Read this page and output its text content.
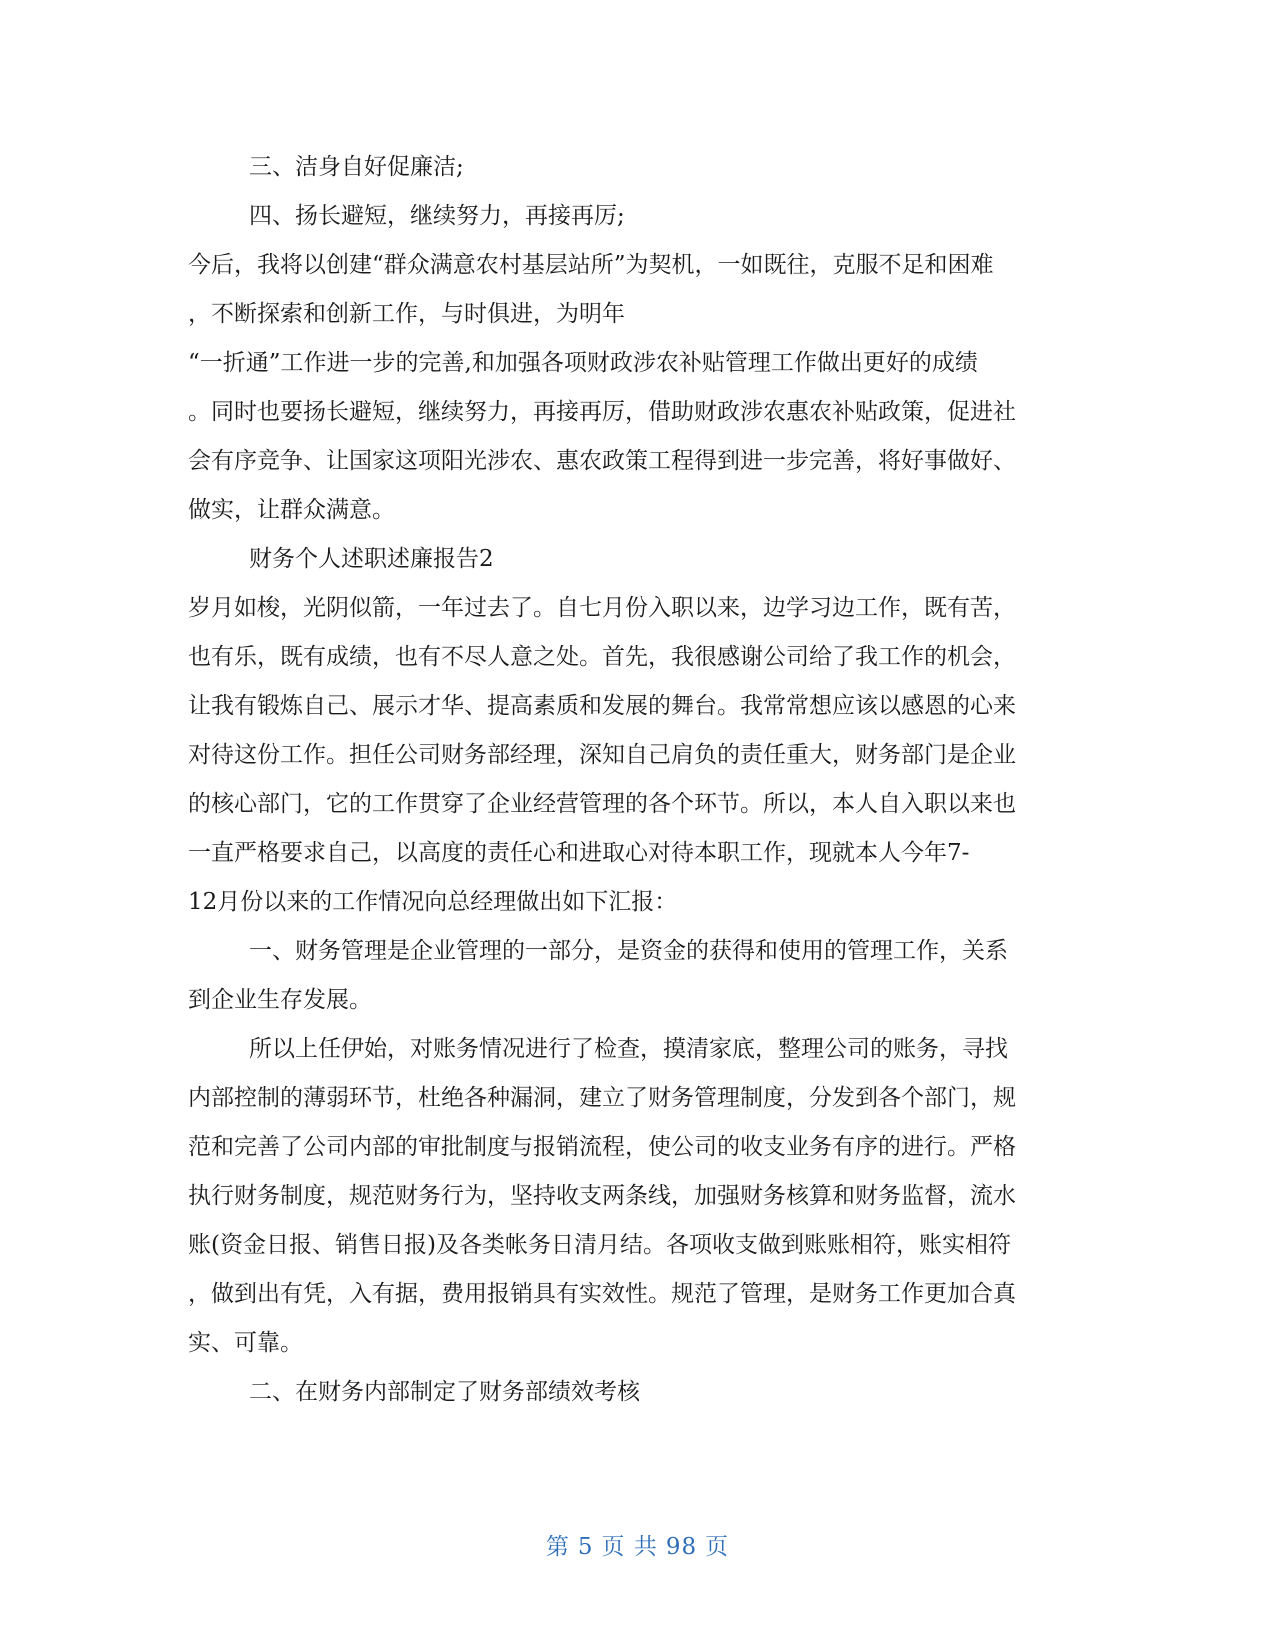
三、洁身自好促廉洁;
四、扬长避短，继续努力，再接再厉;
今后，我将以创建“群众满意农村基层站所”为契机，一如既往，克服不足和困难
，不断探索和创新工作，与时俱进，为明年
“一折通”工作进一步的完善,和加强各项财政涉农补贴管理工作做出更好的成绩
。同时也要扬长避短，继续努力，再接再厉，借助财政涉农惠农补贴政策，促进社
会有序竞争、让国家这项阳光涉农、惠农政策工程得到进一步完善，将好事做好、
做实，让群众满意。
财务个人述职述廉报告2
岁月如梭，光阴似箭，一年过去了。自七月份入职以来，边学习边工作，既有苦，
也有乐，既有成绩，也有不尽人意之处。首先，我很感谢公司给了我工作的机会，
让我有锻炼自己、展示才华、提高素质和发展的舞台。我常常想应该以感恩的心来
对待这份工作。担任公司财务部经理，深知自己肩负的责任重大，财务部门是企业
的核心部门，它的工作贯穿了企业经营管理的各个环节。所以，本人自入职以来也
一直严格要求自己，以高度的责任心和进取心对待本职工作，现就本人今年7-
12月份以来的工作情况向总经理做出如下汇报：
一、财务管理是企业管理的一部分，是资金的获得和使用的管理工作，关系
到企业生存发展。
所以上任伊始，对账务情况进行了检查，摸清家底，整理公司的账务，寻找
内部控制的薄弱环节，杜绝各种漏洞，建立了财务管理制度，分发到各个部门，规
范和完善了公司内部的审批制度与报销流程，使公司的收支业务有序的进行。严格
执行财务制度，规范财务行为，坚持收支两条线，加强财务核算和财务监督，流水
账(资金日报、销售日报)及各类帐务日清月结。各项收支做到账账相符，账实相符
，做到出有凭，入有据，费用报销具有实效性。规范了管理，是财务工作更加合真
实、可靠。
二、在财务内部制定了财务部绩效考核
第 5 页 共 98 页
